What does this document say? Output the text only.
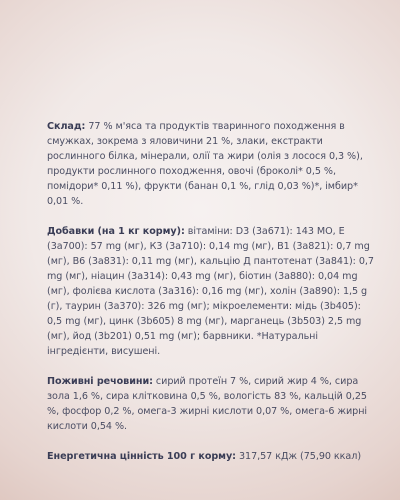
Склад: 77 % м'яса та продуктів тваринного походження в смужках, зокрема з яловичини 21 %, злаки, екстракти рослинного білка, мінерали, олії та жири (олія з лосося 0,3 %), продукти рослинного походження, овочі (броколі* 0,5 %, помідори* 0,11 %), фрукти (банан 0,1 %, глід 0,03 %)*, імбир* 0,01 %.

Добавки (на 1 кг корму): вітаміни: D3 (3a671): 143 МО, E (3a700): 57 mg (мг), К3 (3a710): 0,14 mg (мг), B1 (3a821): 0,7 mg (мг), B6 (3a831): 0,11 mg (мг), кальцію Д пантотенат (3a841): 0,7 mg (мг), ніацин (3a314): 0,43 mg (мг), біотин (3a880): 0,04 mg (мг), фолієва кислота (3a316): 0,16 mg (мг), холін (3a890): 1,5 g (г), таурин (3a370): 326 mg (мг); мікроелементи: мідь (3b405): 0,5 mg (мг), цинк (3b605) 8 mg (мг), марганець (3b503) 2,5 mg (мг), йод (3b201) 0,51 mg (мг); барвники. *Натуральні інгредієнти, висушені.

Поживні речовини: сирий протеїн 7 %, сирий жир 4 %, сира зола 1,6 %, сира клітковина 0,5 %, вологість 83 %, кальцій 0,25 %, фосфор 0,2 %, омега-3 жирні кислоти 0,07 %, омега-6 жирні кислоти 0,54 %.

Енергетична цінність 100 г корму: 317,57 кДж (75,90 ккал)
